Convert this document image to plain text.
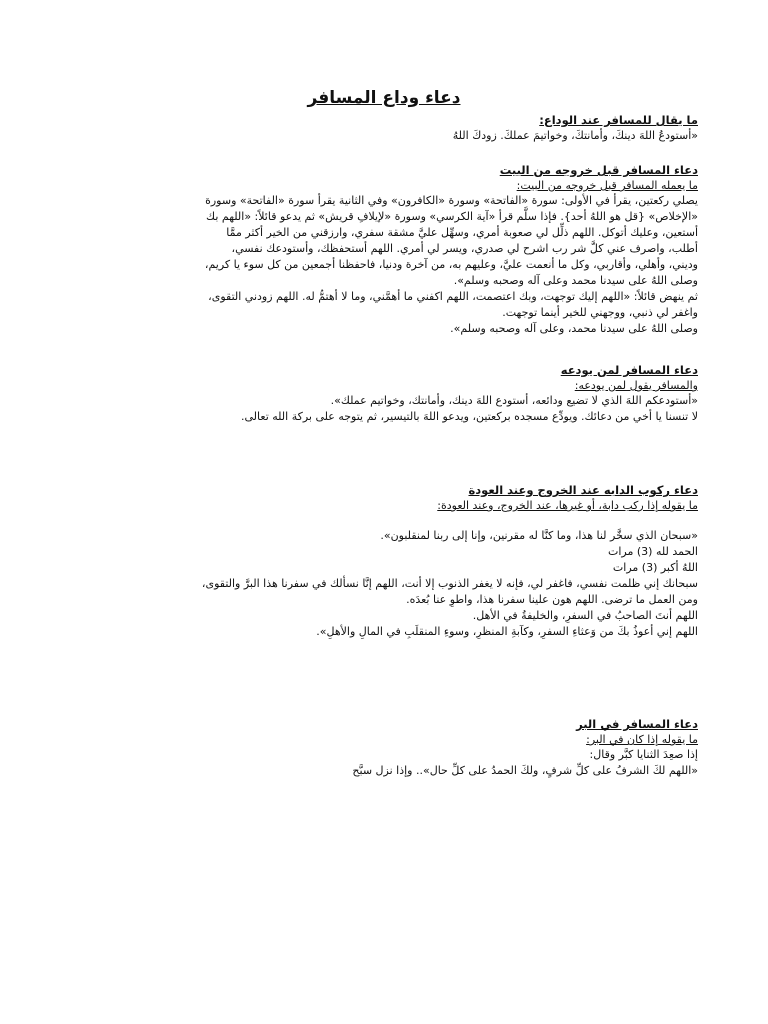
دعاء وداع المسافر

ما يقال للمسافر عند الوداع:

«أستودعُ اللهَ دينكَ، وأمانتكَ، وخواتيمَ عملكَ. زودكَ اللهُ

دعاء المسافر قبل خروجه من البيت

ما يعمله المسافر قبل خروجه من البيت:

يصلي ركعتين، يقرأ في الأولى: سورة «الفاتحة» وسورة «الكافرون» وفي الثانية يقرأ سورة «الفاتحة» وسورة

«الإخلاص» {قل هو اللهُ أحد}. فإذا سلَّم قرأ «آية الكرسي» وسورة «لإيلافِ قريش» ثم يدعو قائلاً: «اللهم بك

أستعين، وعليك أتوكل. اللهم ذلِّل لي صعوبة أمري، وسهِّل عليَّ مشقة سفري، وارزقني من الخير أكثر ممَّا

أطلب، واصرف عني كلَّ شر رب اشرح لي صدري، ويسر لي أمري. اللهم أستحفظك، وأستودعك نفسي،

وديني، وأهلي، وأقاربي، وكل ما أنعمت عليَّ، وعليهم به، من آخرة ودنيا، فاحفظنا أجمعين من كل سوء يا كريم،

وصلى اللهُ على سيدنا محمد وعلى آله وصحبه وسلم».

ثم ينهض قائلاً: «اللهم إليك توجهت، وبك اعتصمت، اللهم اكفني ما أهمَّني، وما لا أهتمُّ له. اللهم زودني التقوى،

واغفر لي ذنبي، ووجهني للخير أينما توجهت.

وصلى اللهُ على سيدنا محمد، وعلى آله وصحبه وسلم».

دعاء المسافر لمن يودعه

والمسافر يقول لمن يودعه:

«أستودعكم اللهَ الذي لا تضيع ودائعه، أستودع اللهَ دينك، وأمانتك، وخواتيم عملك».

لا تنسنا يا أخي من دعائك. ويودِّع مسجده بركعتين، ويدعو اللهَ بالتيسير، ثم يتوجه على بركة الله تعالى.

دعاء ركوب الدابه عند الخروج وعند العودة

ما يقوله إذا ركب دابة، أو غيرها، عند الخروج، وعند العودة:

«سبحان الذي سخَّر لنا هذا، وما كنَّا له مقرنين، وإنا إلى ربنا لمنقلبون».

الحمد لله (3) مرات

اللهُ أكبر (3) مرات

سبحانك إني ظلمت نفسي، فاغفر لي، فإنه لا يغفر الذنوب إلا أنت، اللهم إنَّا نسألك في سفرنا هذا البرَّ والتقوى،

ومن العمل ما ترضى. اللهم هون علينا سفرنا هذا، واطوِ عنا بُعدَه.

اللهم أنتَ الصاحبُ في السفرِ، والخليفةُ في الأهل.

اللهم إني أعوذُ بكَ من وَعثاءِ السفرِ، وكآبةِ المنظرِ، وسوءِ المنقلَبِ في المالِ والأهلِ».

دعاء المسافر في البر

ما يقوله إذا كان في البر:

إذا صعِدَ الثنايا كبَّر وقال:

«اللهم لكَ الشرفُ على كلِّ شرفٍ، ولكَ الحمدُ على كلِّ حال».. وإذا نزل سبَّح
